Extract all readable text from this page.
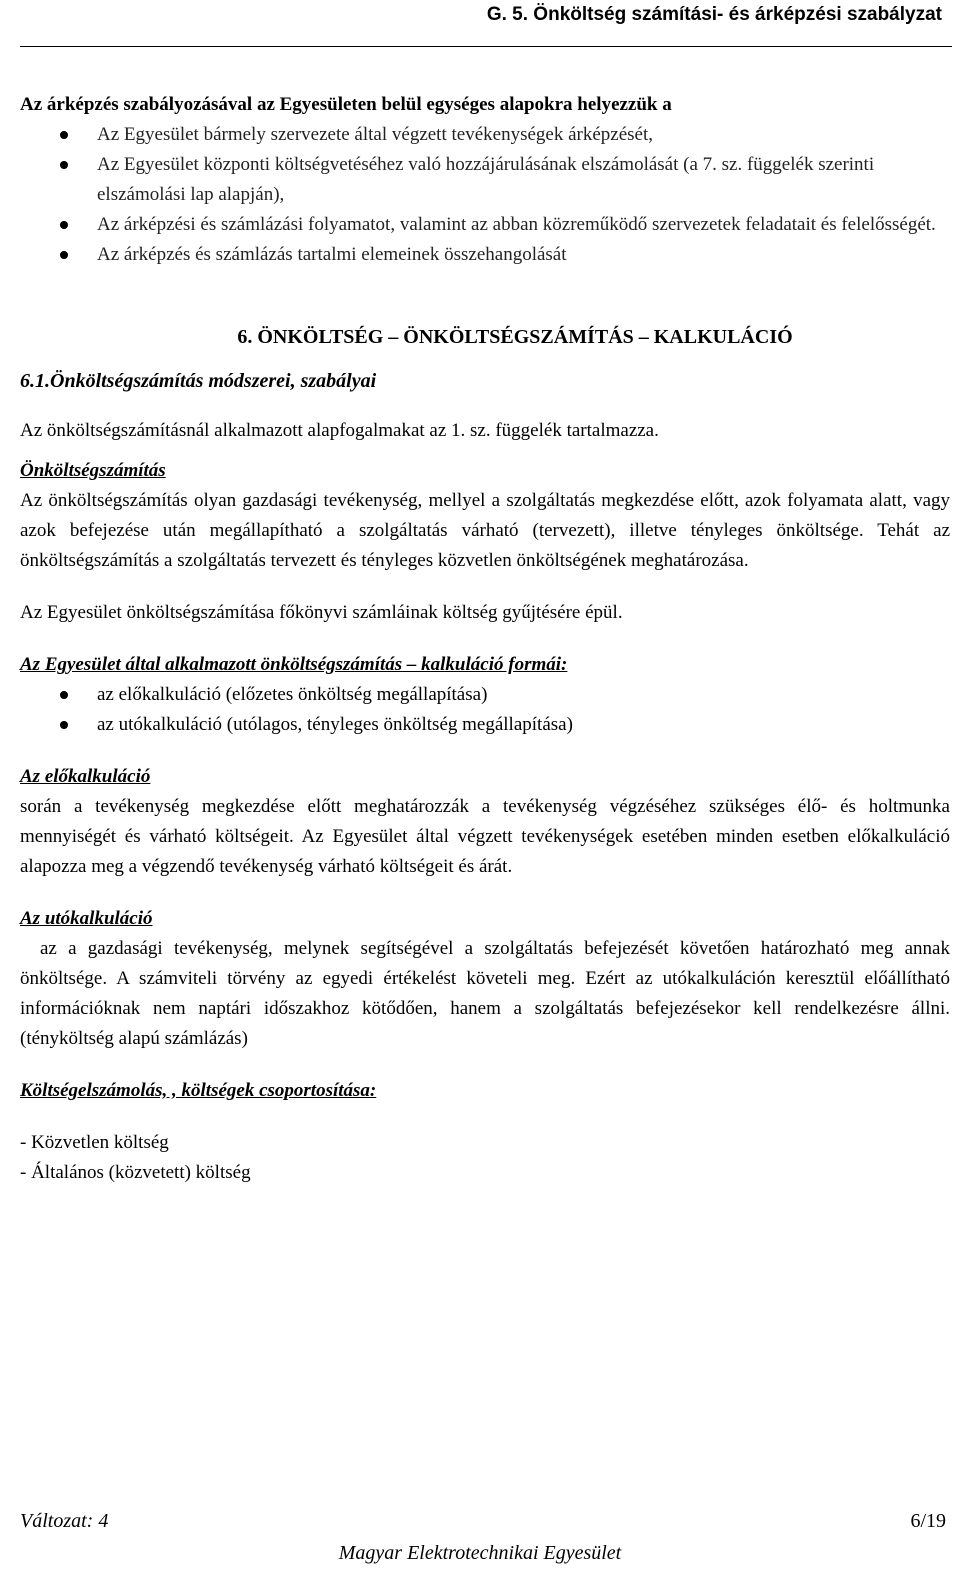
G. 5. Önköltség számítási- és árképzési szabályzat

Az árképzés szabályozásával az Egyesületen belül egységes alapokra helyezzük a

Az Egyesület bármely szervezete által végzett tevékenységek árképzését,
Az Egyesület központi költségvetéséhez való hozzájárulásának elszámolását (a 7. sz. függelék szerinti elszámolási lap alapján),
Az árképzési és számlázási folyamatot, valamint az abban közreműködő szervezetek feladatait és felelősségét.
Az árképzés és számlázás tartalmi elemeinek összehangolását
6. ÖNKÖLTSÉG – ÖNKÖLTSÉGSZÁMÍTÁS – KALKULÁCIÓ
6.1.Önköltségszámítás módszerei, szabályai

Az önköltségszámításnál alkalmazott alapfogalmakat az 1. sz. függelék tartalmazza.

Önköltségszámítás

Az önköltségszámítás olyan gazdasági tevékenység, mellyel a szolgáltatás megkezdése előtt, azok folyamata alatt, vagy azok befejezése után megállapítható a szolgáltatás várható (tervezett), illetve tényleges önköltsége. Tehát az önköltségszámítás a szolgáltatás tervezett és tényleges közvetlen önköltségének meghatározása.

Az Egyesület önköltségszámítása főkönyvi számláinak költség gyűjtésére épül.

Az Egyesület által alkalmazott önköltségszámítás – kalkuláció formái:

az előkalkuláció (előzetes önköltség megállapítása)
az utókalkuláció (utólagos, tényleges önköltség megállapítása)

Az előkalkuláció

során a tevékenység megkezdése előtt meghatározzák a tevékenység végzéséhez szükséges élő- és holtmunka mennyiségét és várható költségeit. Az Egyesület által végzett tevékenységek esetében minden esetben előkalkuláció alapozza meg a végzendő tevékenység várható költségeit és árát.

Az utókalkuláció

az a gazdasági tevékenység, melynek segítségével a szolgáltatás befejezését követően határozható meg annak önköltsége. A számviteli törvény az egyedi értékelést követeli meg. Ezért az utókalkuláción keresztül előállítható információknak nem naptári időszakhoz kötődően, hanem a szolgáltatás befejezésekor kell rendelkezésre állni. (tényköltség alapú számlázás)

Költségelszámolás, , költségek csoportosítása:

- Közvetlen költség

- Általános (közvetett) költség

Változat: 4	6/19
Magyar Elektrotechnikai Egyesület
